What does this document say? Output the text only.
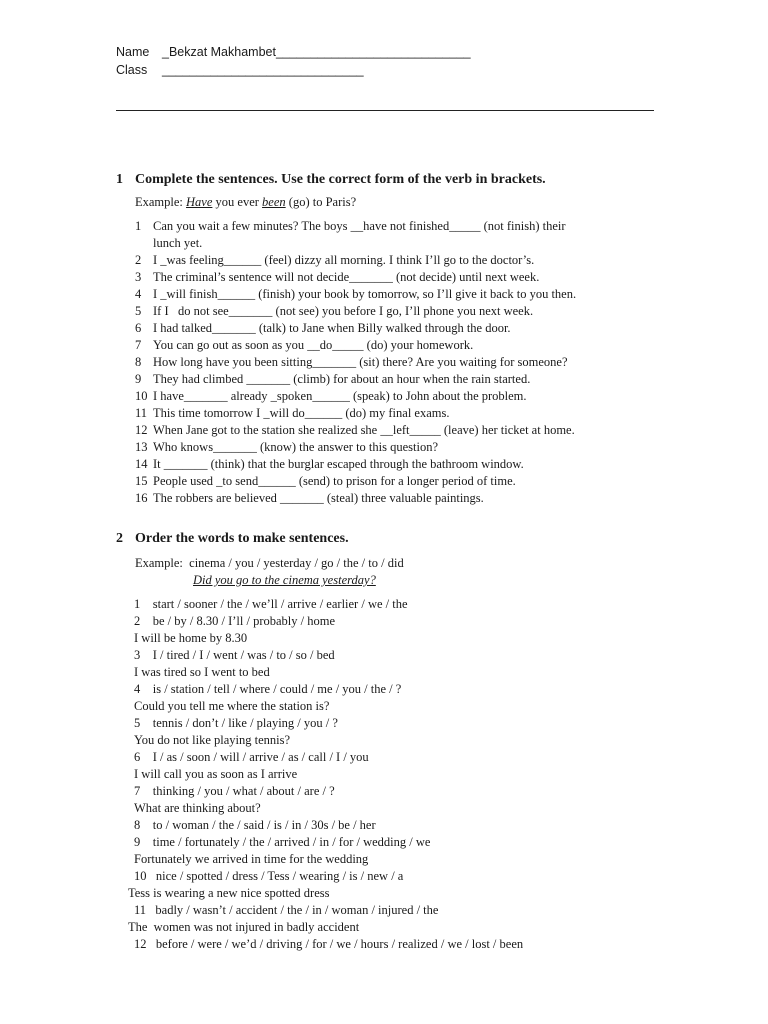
Name _Bekzat Makhambet____________________________
Class _____________________________
1 Complete the sentences. Use the correct form of the verb in brackets.
Example: Have you ever been (go) to Paris?
1 Can you wait a few minutes? The boys __have not finished_____ (not finish) their
lunch yet.
2 I _was feeling______ (feel) dizzy all morning. I think I’ll go to the doctor’s.
3 The criminal’s sentence will not decide_______ (not decide) until next week.
4 I _will finish______ (finish) your book by tomorrow, so I’ll give it back to you then.
5 If I   do not see_______ (not see) you before I go, I’ll phone you next week.
6 I had talked_______ (talk) to Jane when Billy walked through the door.
7 You can go out as soon as you __do_____ (do) your homework.
8 How long have you been sitting_______ (sit) there? Are you waiting for someone?
9 They had climbed _______ (climb) for about an hour when the rain started.
10 I have_______ already _spoken______ (speak) to John about the problem.
11 This time tomorrow I _will do______ (do) my final exams.
12 When Jane got to the station she realized she __left_____ (leave) her ticket at home.
13 Who knows_______ (know) the answer to this question?
14 It _______ (think) that the burglar escaped through the bathroom window.
15 People used _to send______ (send) to prison for a longer period of time.
16 The robbers are believed _______ (steal) three valuable paintings.
2 Order the words to make sentences.
Example:  cinema / you / yesterday / go / the / to / did
Did you go to the cinema yesterday?
1    start / sooner / the / we’ll / arrive / earlier / we / the
2    be / by / 8.30 / I’ll / probably / home
I will be home by 8.30
3    I / tired / I / went / was / to / so / bed
I was tired so I went to bed
4    is / station / tell / where / could / me / you / the / ?
Could you tell me where the station is?
5    tennis / don’t / like / playing / you / ?
You do not like playing tennis?
6    I / as / soon / will / arrive / as / call / I / you
I will call you as soon as I arrive
7    thinking / you / what / about / are / ?
What are thinking about?
8    to / woman / the / said / is / in / 30s / be / her
9    time / fortunately / the / arrived / in / for / wedding / we
Fortunately we arrived in time for the wedding
10   nice / spotted / dress / Tess / wearing / is / new / a
Tess is wearing a new nice spotted dress
11   badly / wasn’t / accident / the / in / woman / injured / the
The  women was not injured in badly accident
12   before / were / we’d / driving / for / we / hours / realized / we / lost / been
